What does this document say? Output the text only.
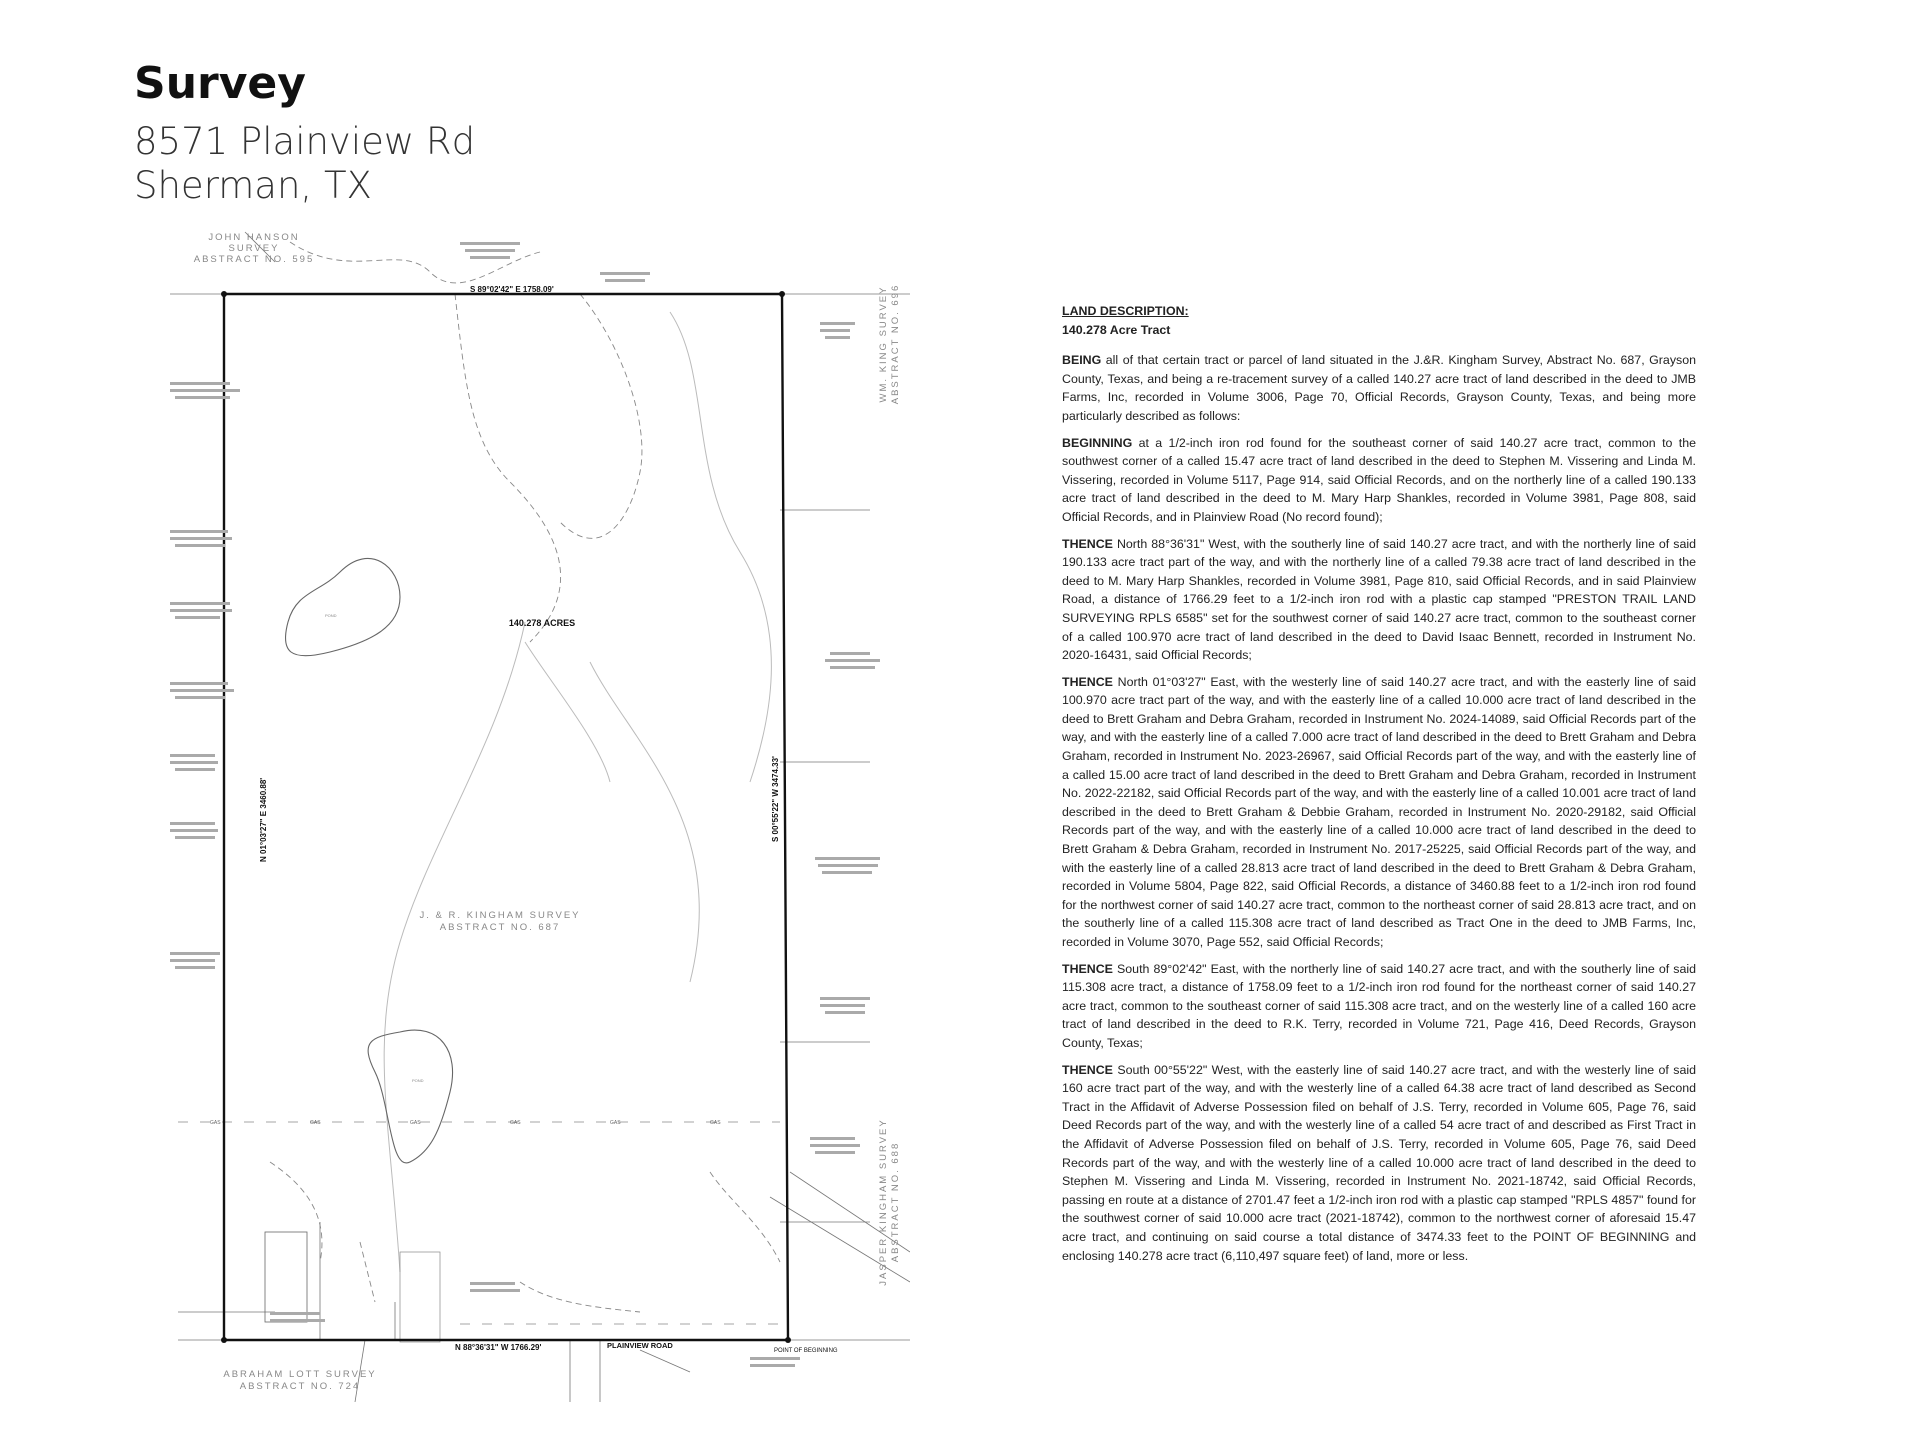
Survey
8571 Plainview Rd
Sherman, TX
GAS	GAS	GAS	GAS	GAS	GAS
JOHN HANSON
SURVEY
ABSTRACT NO. 595
J. & R. KINGHAM SURVEY
ABSTRACT NO. 687
ABRAHAM LOTT SURVEY
ABSTRACT NO. 724
WM. KING SURVEY ABSTRACT NO. 696
JASPER KINGHAM SURVEY ABSTRACT NO. 688
S 89°02'42" E 1758.09'
N 88°36'31" W 1766.29'
N 01°03'27" E 3460.88'	S 00°55'22" W 3474.33'
140.278 ACRES
PLAINVIEW ROAD
POINT OF BEGINNING
POND
POND
LAND DESCRIPTION:
140.278 Acre Tract

BEING all of that certain tract or parcel of land situated in the J.&R. Kingham Survey, Abstract No. 687, Grayson County, Texas, and being a re-tracement survey of a called 140.27 acre tract of land described in the deed to JMB Farms, Inc, recorded in Volume 3006, Page 70, Official Records, Grayson County, Texas, and being more particularly described as follows:

BEGINNING at a 1/2-inch iron rod found for the southeast corner of said 140.27 acre tract, common to the southwest corner of a called 15.47 acre tract of land described in the deed to Stephen M. Vissering and Linda M. Vissering, recorded in Volume 5117, Page 914, said Official Records, and on the northerly line of a called 190.133 acre tract of land described in the deed to M. Mary Harp Shankles, recorded in Volume 3981, Page 808, said Official Records, and in Plainview Road (No record found);

THENCE North 88°36'31" West, with the southerly line of said 140.27 acre tract, and with the northerly line of said 190.133 acre tract part of the way, and with the northerly line of a called 79.38 acre tract of land described in the deed to M. Mary Harp Shankles, recorded in Volume 3981, Page 810, said Official Records, and in said Plainview Road, a distance of 1766.29 feet to a 1/2-inch iron rod with a plastic cap stamped "PRESTON TRAIL LAND SURVEYING RPLS 6585" set for the southwest corner of said 140.27 acre tract, common to the southeast corner of a called 100.970 acre tract of land described in the deed to David Isaac Bennett, recorded in Instrument No. 2020-16431, said Official Records;

THENCE North 01°03'27" East, with the westerly line of said 140.27 acre tract, and with the easterly line of said 100.970 acre tract part of the way, and with the easterly line of a called 10.000 acre tract of land described in the deed to Brett Graham and Debra Graham, recorded in Instrument No. 2024-14089, said Official Records part of the way, and with the easterly line of a called 7.000 acre tract of land described in the deed to Brett Graham and Debra Graham, recorded in Instrument No. 2023-26967, said Official Records part of the way, and with the easterly line of a called 15.00 acre tract of land described in the deed to Brett Graham and Debra Graham, recorded in Instrument No. 2022-22182, said Official Records part of the way, and with the easterly line of a called 10.001 acre tract of land described in the deed to Brett Graham & Debbie Graham, recorded in Instrument No. 2020-29182, said Official Records part of the way, and with the easterly line of a called 10.000 acre tract of land described in the deed to Brett Graham & Debra Graham, recorded in Instrument No. 2017-25225, said Official Records part of the way, and with the easterly line of a called 28.813 acre tract of land described in the deed to Brett Graham & Debra Graham, recorded in Volume 5804, Page 822, said Official Records, a distance of 3460.88 feet to a 1/2-inch iron rod found for the northwest corner of said 140.27 acre tract, common to the northeast corner of said 28.813 acre tract, and on the southerly line of a called 115.308 acre tract of land described as Tract One in the deed to JMB Farms, Inc, recorded in Volume 3070, Page 552, said Official Records;

THENCE South 89°02'42" East, with the northerly line of said 140.27 acre tract, and with the southerly line of said 115.308 acre tract, a distance of 1758.09 feet to a 1/2-inch iron rod found for the northeast corner of said 140.27 acre tract, common to the southeast corner of said 115.308 acre tract, and on the westerly line of a called 160 acre tract of land described in the deed to R.K. Terry, recorded in Volume 721, Page 416, Deed Records, Grayson County, Texas;

THENCE South 00°55'22" West, with the easterly line of said 140.27 acre tract, and with the westerly line of said 160 acre tract part of the way, and with the westerly line of a called 64.38 acre tract of land described as Second Tract in the Affidavit of Adverse Possession filed on behalf of J.S. Terry, recorded in Volume 605, Page 76, said Deed Records part of the way, and with the westerly line of a called 54 acre tract of and described as First Tract in the Affidavit of Adverse Possession filed on behalf of J.S. Terry, recorded in Volume 605, Page 76, said Deed Records part of the way, and with the westerly line of a called 10.000 acre tract of land described in the deed to Stephen M. Vissering and Linda M. Vissering, recorded in Instrument No. 2021-18742, said Official Records, passing en route at a distance of 2701.47 feet a 1/2-inch iron rod with a plastic cap stamped "RPLS 4857" found for the southwest corner of said 10.000 acre tract (2021-18742), common to the northwest corner of aforesaid 15.47 acre tract, and continuing on said course a total distance of 3474.33 feet to the POINT OF BEGINNING and enclosing 140.278 acre tract (6,110,497 square feet) of land, more or less.
